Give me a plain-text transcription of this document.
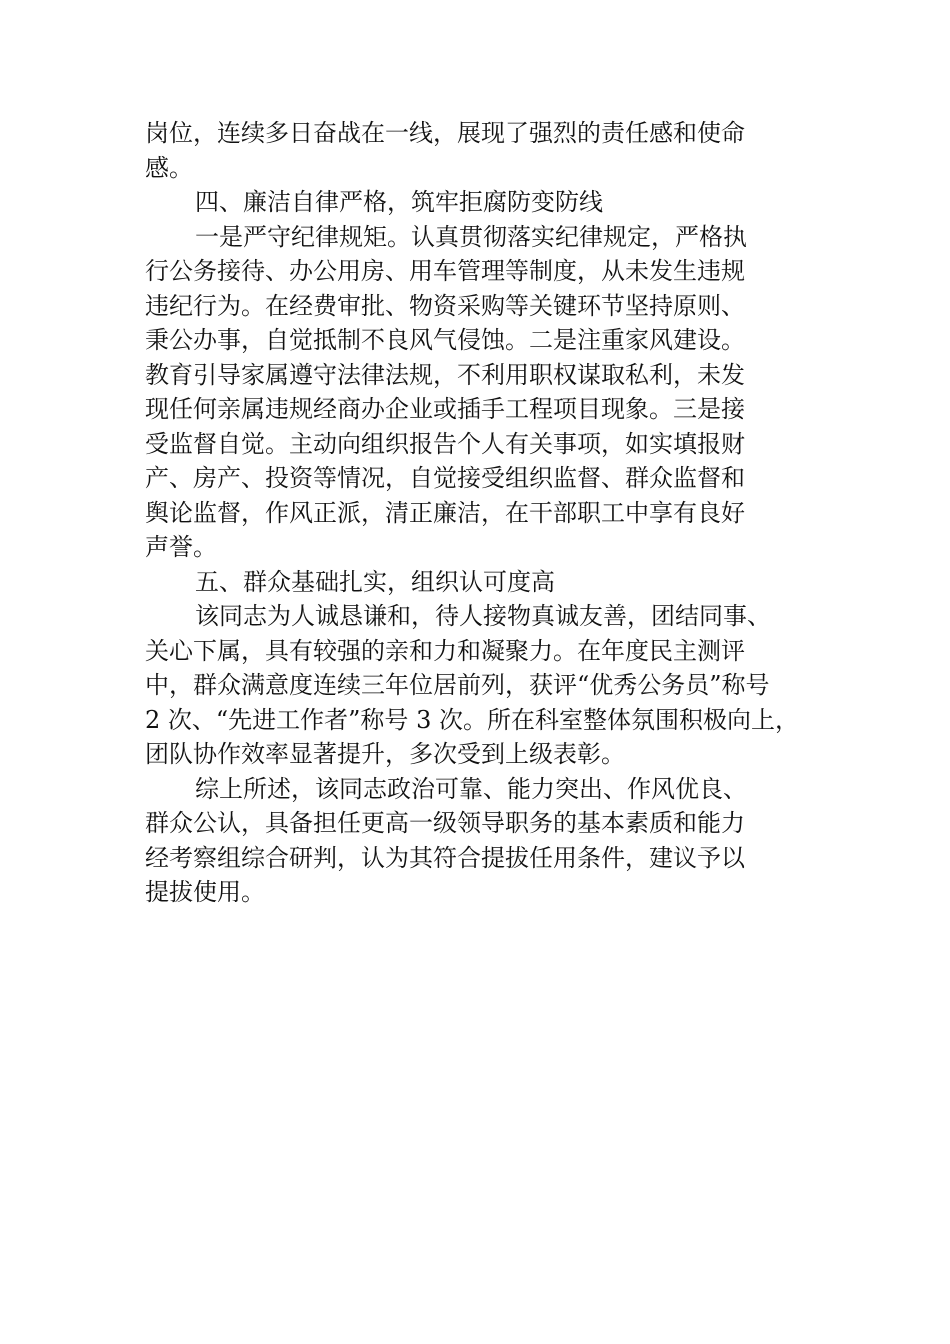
岗位，连续多日奋战在一线，展现了强烈的责任感和使命
感。
四、廉洁自律严格，筑牢拒腐防变防线
一是严守纪律规矩。认真贯彻落实纪律规定，严格执
行公务接待、办公用房、用车管理等制度，从未发生违规
违纪行为。在经费审批、物资采购等关键环节坚持原则、
秉公办事，自觉抵制不良风气侵蚀。二是注重家风建设。
教育引导家属遵守法律法规，不利用职权谋取私利，未发
现任何亲属违规经商办企业或插手工程项目现象。三是接
受监督自觉。主动向组织报告个人有关事项，如实填报财
产、房产、投资等情况，自觉接受组织监督、群众监督和
舆论监督，作风正派，清正廉洁，在干部职工中享有良好
声誉。
五、群众基础扎实，组织认可度高
该同志为人诚恳谦和，待人接物真诚友善，团结同事、
关心下属，具有较强的亲和力和凝聚力。在年度民主测评
中，群众满意度连续三年位居前列，获评“优秀公务员”称号
2 次、“先进工作者”称号 3 次。所在科室整体氛围积极向上，
团队协作效率显著提升，多次受到上级表彰。
综上所述，该同志政治可靠、能力突出、作风优良、
群众公认，具备担任更高一级领导职务的基本素质和能力
经考察组综合研判，认为其符合提拔任用条件，建议予以
提拔使用。
